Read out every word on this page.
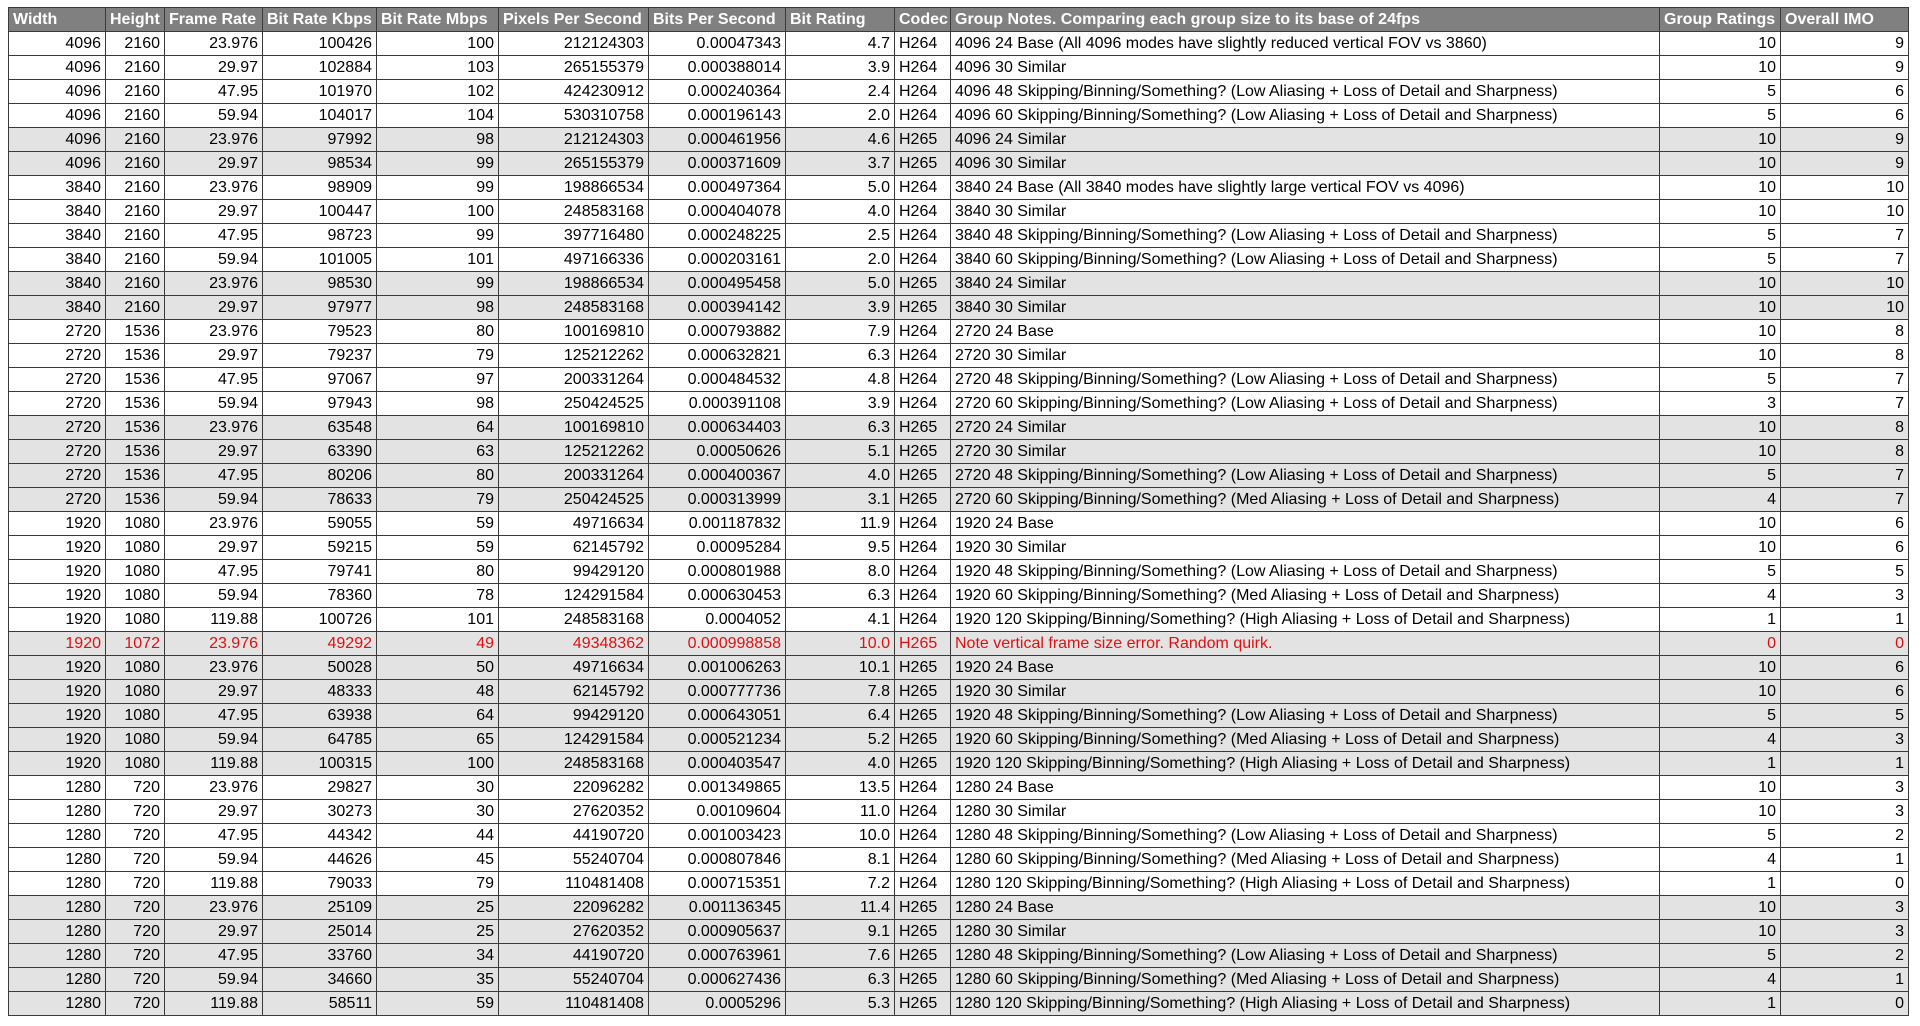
Width	Height	Frame Rate	Bit Rate Kbps	Bit Rate Mbps	Pixels Per Second	Bits Per Second	Bit Rating	Codec	Group Notes. Comparing each group size to its base of 24fps	Group Ratings	Overall IMO
4096	2160	23.976	100426	100	212124303	0.00047343	4.7	H264	4096 24 Base (All 4096 modes have slightly reduced vertical FOV vs 3860)	10	9
4096	2160	29.97	102884	103	265155379	0.000388014	3.9	H264	4096 30 Similar	10	9
4096	2160	47.95	101970	102	424230912	0.000240364	2.4	H264	4096 48 Skipping/Binning/Something? (Low Aliasing + Loss of Detail and Sharpness)	5	6
4096	2160	59.94	104017	104	530310758	0.000196143	2.0	H264	4096 60 Skipping/Binning/Something? (Low Aliasing + Loss of Detail and Sharpness)	5	6
4096	2160	23.976	97992	98	212124303	0.000461956	4.6	H265	4096 24 Similar	10	9
4096	2160	29.97	98534	99	265155379	0.000371609	3.7	H265	4096 30 Similar	10	9
3840	2160	23.976	98909	99	198866534	0.000497364	5.0	H264	3840 24 Base (All 3840 modes have slightly large vertical FOV vs 4096)	10	10
3840	2160	29.97	100447	100	248583168	0.000404078	4.0	H264	3840 30 Similar	10	10
3840	2160	47.95	98723	99	397716480	0.000248225	2.5	H264	3840 48 Skipping/Binning/Something? (Low Aliasing + Loss of Detail and Sharpness)	5	7
3840	2160	59.94	101005	101	497166336	0.000203161	2.0	H264	3840 60 Skipping/Binning/Something? (Low Aliasing + Loss of Detail and Sharpness)	5	7
3840	2160	23.976	98530	99	198866534	0.000495458	5.0	H265	3840 24 Similar	10	10
3840	2160	29.97	97977	98	248583168	0.000394142	3.9	H265	3840 30 Similar	10	10
2720	1536	23.976	79523	80	100169810	0.000793882	7.9	H264	2720 24 Base	10	8
2720	1536	29.97	79237	79	125212262	0.000632821	6.3	H264	2720 30 Similar	10	8
2720	1536	47.95	97067	97	200331264	0.000484532	4.8	H264	2720 48 Skipping/Binning/Something? (Low Aliasing + Loss of Detail and Sharpness)	5	7
2720	1536	59.94	97943	98	250424525	0.000391108	3.9	H264	2720 60 Skipping/Binning/Something? (Low Aliasing + Loss of Detail and Sharpness)	3	7
2720	1536	23.976	63548	64	100169810	0.000634403	6.3	H265	2720 24 Similar	10	8
2720	1536	29.97	63390	63	125212262	0.00050626	5.1	H265	2720 30 Similar	10	8
2720	1536	47.95	80206	80	200331264	0.000400367	4.0	H265	2720 48 Skipping/Binning/Something? (Low Aliasing + Loss of Detail and Sharpness)	5	7
2720	1536	59.94	78633	79	250424525	0.000313999	3.1	H265	2720 60 Skipping/Binning/Something? (Med Aliasing + Loss of Detail and Sharpness)	4	7
1920	1080	23.976	59055	59	49716634	0.001187832	11.9	H264	1920 24 Base	10	6
1920	1080	29.97	59215	59	62145792	0.00095284	9.5	H264	1920 30 Similar	10	6
1920	1080	47.95	79741	80	99429120	0.000801988	8.0	H264	1920 48 Skipping/Binning/Something? (Low Aliasing + Loss of Detail and Sharpness)	5	5
1920	1080	59.94	78360	78	124291584	0.000630453	6.3	H264	1920 60 Skipping/Binning/Something? (Med Aliasing + Loss of Detail and Sharpness)	4	3
1920	1080	119.88	100726	101	248583168	0.0004052	4.1	H264	1920 120 Skipping/Binning/Something? (High Aliasing + Loss of Detail and Sharpness)	1	1
1920	1072	23.976	49292	49	49348362	0.000998858	10.0	H265	Note vertical frame size error. Random quirk.	0	0
1920	1080	23.976	50028	50	49716634	0.001006263	10.1	H265	1920 24 Base	10	6
1920	1080	29.97	48333	48	62145792	0.000777736	7.8	H265	1920 30 Similar	10	6
1920	1080	47.95	63938	64	99429120	0.000643051	6.4	H265	1920 48 Skipping/Binning/Something? (Low Aliasing + Loss of Detail and Sharpness)	5	5
1920	1080	59.94	64785	65	124291584	0.000521234	5.2	H265	1920 60 Skipping/Binning/Something? (Med Aliasing + Loss of Detail and Sharpness)	4	3
1920	1080	119.88	100315	100	248583168	0.000403547	4.0	H265	1920 120 Skipping/Binning/Something? (High Aliasing + Loss of Detail and Sharpness)	1	1
1280	720	23.976	29827	30	22096282	0.001349865	13.5	H264	1280 24 Base	10	3
1280	720	29.97	30273	30	27620352	0.00109604	11.0	H264	1280 30 Similar	10	3
1280	720	47.95	44342	44	44190720	0.001003423	10.0	H264	1280 48 Skipping/Binning/Something? (Low Aliasing + Loss of Detail and Sharpness)	5	2
1280	720	59.94	44626	45	55240704	0.000807846	8.1	H264	1280 60 Skipping/Binning/Something? (Med Aliasing + Loss of Detail and Sharpness)	4	1
1280	720	119.88	79033	79	110481408	0.000715351	7.2	H264	1280 120 Skipping/Binning/Something? (High Aliasing + Loss of Detail and Sharpness)	1	0
1280	720	23.976	25109	25	22096282	0.001136345	11.4	H265	1280 24 Base	10	3
1280	720	29.97	25014	25	27620352	0.000905637	9.1	H265	1280 30 Similar	10	3
1280	720	47.95	33760	34	44190720	0.000763961	7.6	H265	1280 48 Skipping/Binning/Something? (Low Aliasing + Loss of Detail and Sharpness)	5	2
1280	720	59.94	34660	35	55240704	0.000627436	6.3	H265	1280 60 Skipping/Binning/Something? (Med Aliasing + Loss of Detail and Sharpness)	4	1
1280	720	119.88	58511	59	110481408	0.0005296	5.3	H265	1280 120 Skipping/Binning/Something? (High Aliasing + Loss of Detail and Sharpness)	1	0
